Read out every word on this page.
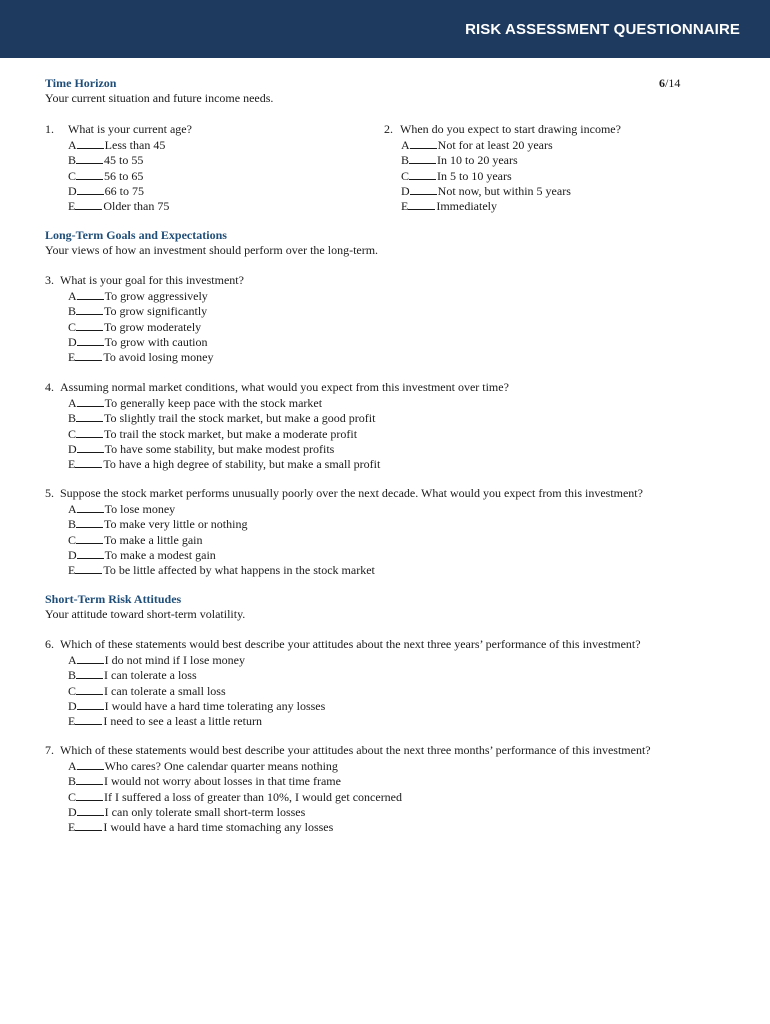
RISK ASSESSMENT QUESTIONNAIRE
6/14
Time Horizon
Your current situation and future income needs.
1. What is your current age?
A Less than 45
B 45 to 55
C 56 to 65
D 66 to 75
E Older than 75
2. When do you expect to start drawing income?
A Not for at least 20 years
B In 10 to 20 years
C In 5 to 10 years
D Not now, but within 5 years
E Immediately
Long-Term Goals and Expectations
Your views of how an investment should perform over the long-term.
3. What is your goal for this investment?
A To grow aggressively
B To grow significantly
C To grow moderately
D To grow with caution
E To avoid losing money
4. Assuming normal market conditions, what would you expect from this investment over time?
A To generally keep pace with the stock market
B To slightly trail the stock market, but make a good profit
C To trail the stock market, but make a moderate profit
D To have some stability, but make modest profits
E To have a high degree of stability, but make a small profit
5. Suppose the stock market performs unusually poorly over the next decade. What would you expect from this investment?
A To lose money
B To make very little or nothing
C To make a little gain
D To make a modest gain
E To be little affected by what happens in the stock market
Short-Term Risk Attitudes
Your attitude toward short-term volatility.
6. Which of these statements would best describe your attitudes about the next three years’ performance of this investment?
A I do not mind if I lose money
B I can tolerate a loss
C I can tolerate a small loss
D I would have a hard time tolerating any losses
E I need to see a least a little return
7. Which of these statements would best describe your attitudes about the next three months’ performance of this investment?
A Who cares? One calendar quarter means nothing
B I would not worry about losses in that time frame
C If I suffered a loss of greater than 10%, I would get concerned
D I can only tolerate small short-term losses
E I would have a hard time stomaching any losses
